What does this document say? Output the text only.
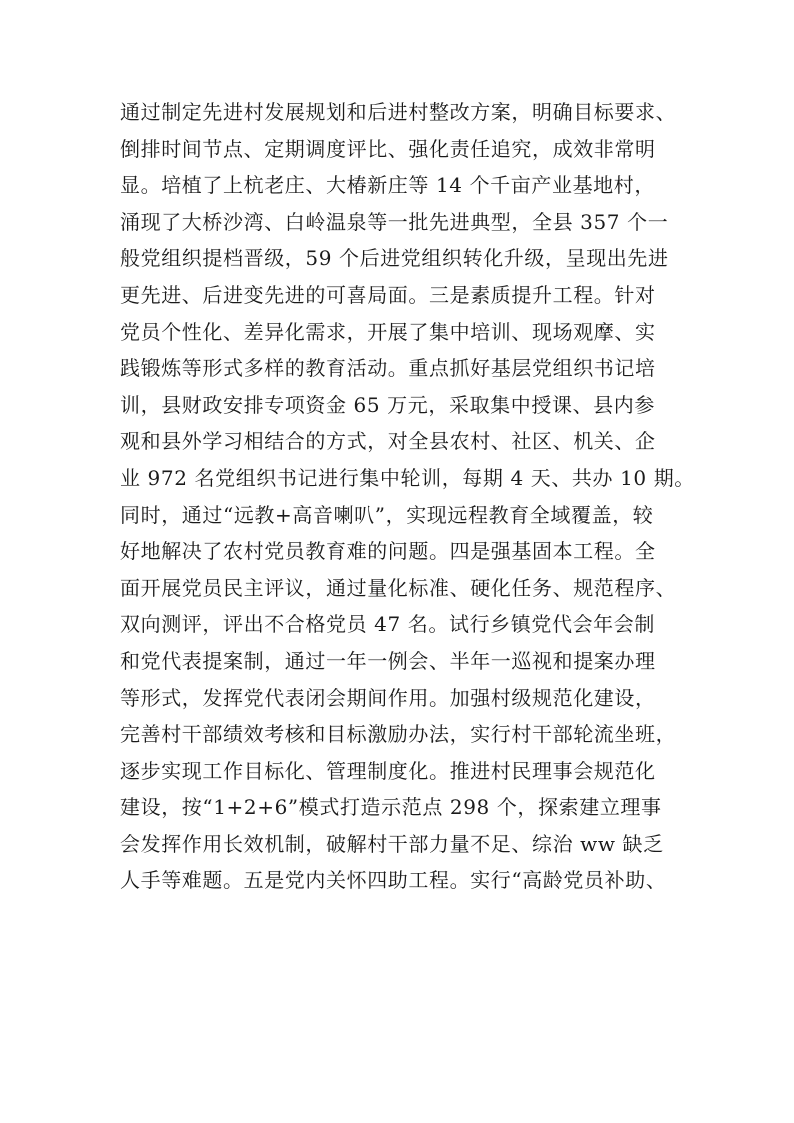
通过制定先进村发展规划和后进村整改方案，明确目标要求、
倒排时间节点、定期调度评比、强化责任追究，成效非常明
显。培植了上杭老庄、大椿新庄等 14 个千亩产业基地村，
涌现了大桥沙湾、白岭温泉等一批先进典型，全县 357 个一
般党组织提档晋级，59 个后进党组织转化升级，呈现出先进
更先进、后进变先进的可喜局面。三是素质提升工程。针对
党员个性化、差异化需求，开展了集中培训、现场观摩、实
践锻炼等形式多样的教育活动。重点抓好基层党组织书记培
训，县财政安排专项资金 65 万元，采取集中授课、县内参
观和县外学习相结合的方式，对全县农村、社区、机关、企
业 972 名党组织书记进行集中轮训，每期 4 天、共办 10 期。
同时，通过“远教+高音喇叭”，实现远程教育全域覆盖，较
好地解决了农村党员教育难的问题。四是强基固本工程。全
面开展党员民主评议，通过量化标准、硬化任务、规范程序、
双向测评，评出不合格党员 47 名。试行乡镇党代会年会制
和党代表提案制，通过一年一例会、半年一巡视和提案办理
等形式，发挥党代表闭会期间作用。加强村级规范化建设，
完善村干部绩效考核和目标激励办法，实行村干部轮流坐班，
逐步实现工作目标化、管理制度化。推进村民理事会规范化
建设，按“1+2+6”模式打造示范点 298 个，探索建立理事
会发挥作用长效机制，破解村干部力量不足、综治 ww 缺乏
人手等难题。五是党内关怀四助工程。实行“高龄党员补助、
